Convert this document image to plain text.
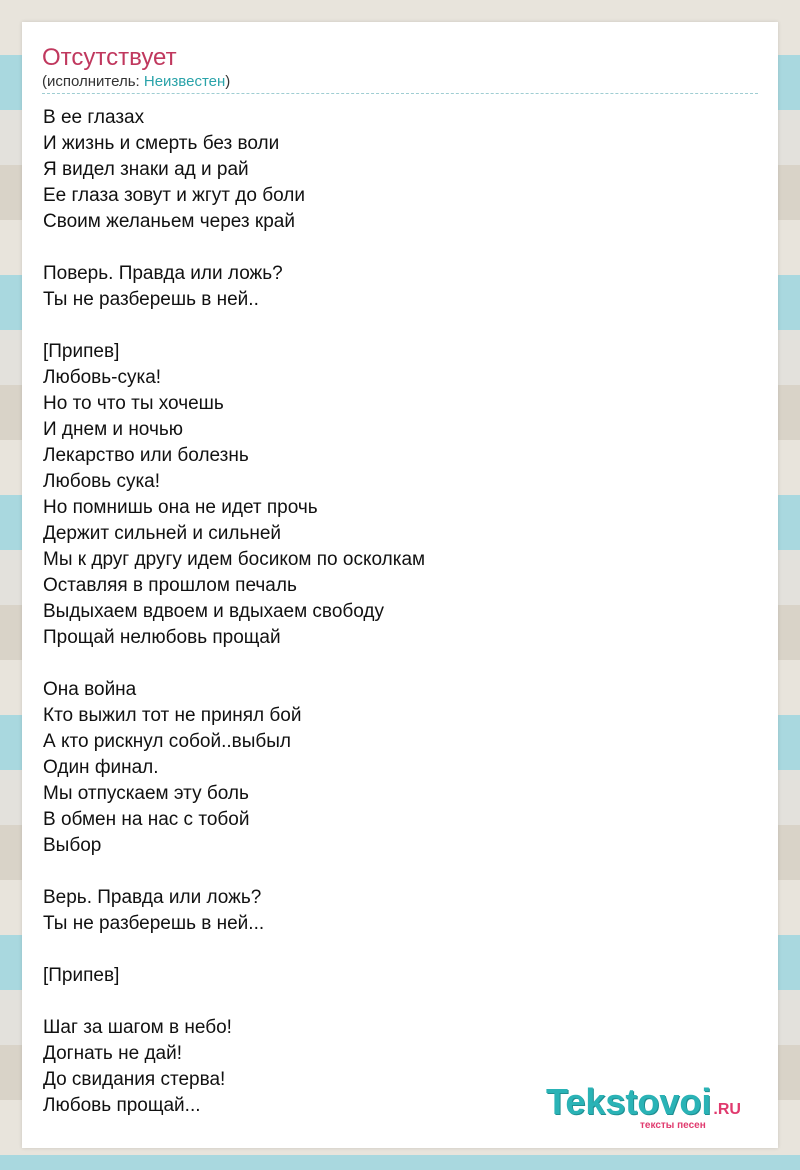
Отсутствует
(исполнитель: Неизвестен)
В ее глазах
И жизнь и смерть без воли
Я видел знаки ад и рай
Ее глаза зовут и жгут до боли
Своим желаньем через край
Поверь. Правда или ложь?
Ты не разберешь в ней..
[Припев]
Любовь-сука!
Но то что ты хочешь
И днем и ночью
Лекарство или болезнь
Любовь сука!
Но помнишь она не идет прочь
Держит сильней и сильней
Мы к друг другу идем босиком по осколкам
Оставляя в прошлом печаль
Выдыхаем вдвоем и вдыхаем свободу
Прощай нелюбовь прощай
Она война
Кто выжил тот не принял бой
А кто рискнул собой..выбыл
Один финал.
Мы отпускаем эту боль
В обмен на нас с тобой
Выбор
Верь. Правда или ложь?
Ты не разберешь в ней...
[Припев]
Шаг за шагом в небо!
Догнать не дай!
До свидания стерва!
Любовь прощай...	Tekstovoi .RU
тексты песен
